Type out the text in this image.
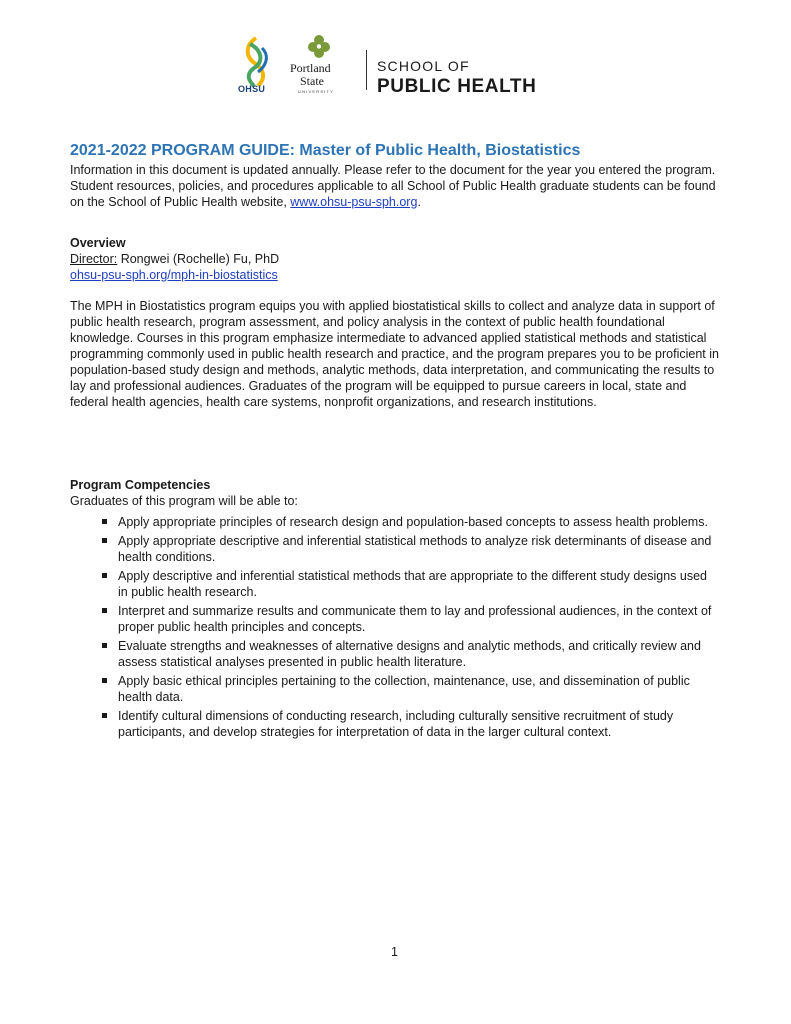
OHSU
Portland
State
UNIVERSITY
SCHOOL OF
PUBLIC HEALTH
2021-2022 PROGRAM GUIDE: Master of Public Health, Biostatistics

Information in this document is updated annually. Please refer to the document for the year you entered the program. Student resources, policies, and procedures applicable to all School of Public Health graduate students can be found on the School of Public Health website, www.ohsu-psu-sph.org.

Overview
Director: Rongwei (Rochelle) Fu, PhD
ohsu-psu-sph.org/mph-in-biostatistics

The MPH in Biostatistics program equips you with applied biostatistical skills to collect and analyze data in support of public health research, program assessment, and policy analysis in the context of public health foundational knowledge. Courses in this program emphasize intermediate to advanced applied statistical methods and statistical programming commonly used in public health research and practice, and the program prepares you to be proficient in population-based study design and methods, analytic methods, data interpretation, and communicating the results to lay and professional audiences. Graduates of the program will be equipped to pursue careers in local, state and federal health agencies, health care systems, nonprofit organizations, and research institutions.

Program Competencies
Graduates of this program will be able to:
Apply appropriate principles of research design and population-based concepts to assess health problems.
Apply appropriate descriptive and inferential statistical methods to analyze risk determinants of disease and health conditions.
Apply descriptive and inferential statistical methods that are appropriate to the different study designs used in public health research.
Interpret and summarize results and communicate them to lay and professional audiences, in the context of proper public health principles and concepts.
Evaluate strengths and weaknesses of alternative designs and analytic methods, and critically review and assess statistical analyses presented in public health literature.
Apply basic ethical principles pertaining to the collection, maintenance, use, and dissemination of public health data.
Identify cultural dimensions of conducting research, including culturally sensitive recruitment of study participants, and develop strategies for interpretation of data in the larger cultural context.
1
